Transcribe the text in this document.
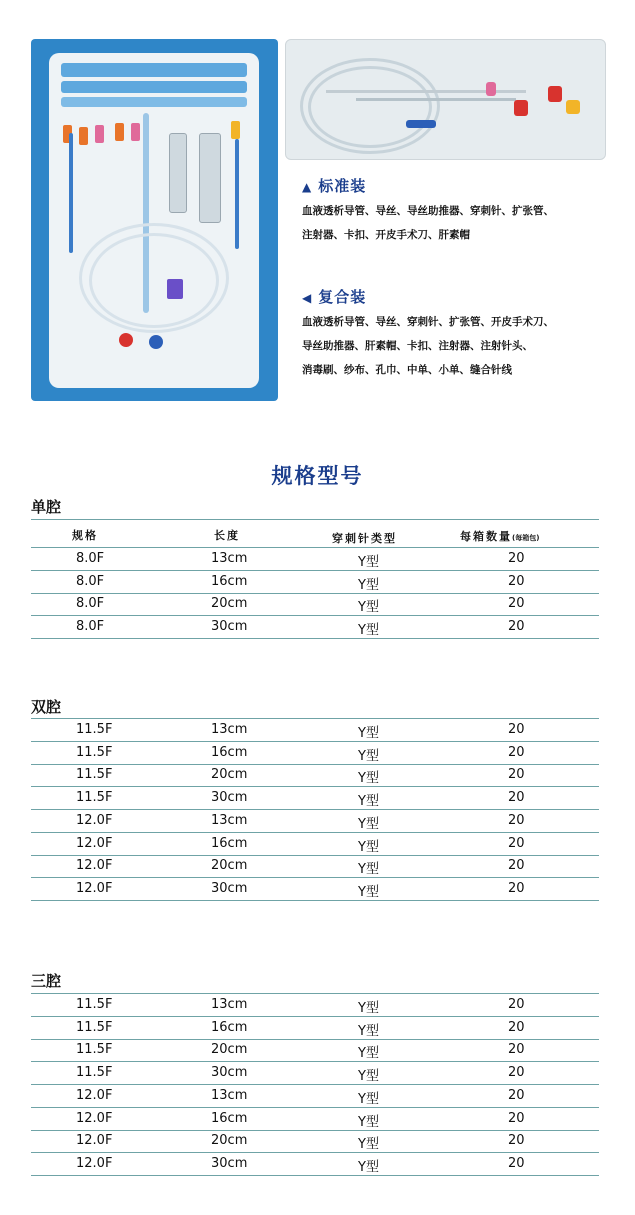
▲ 标准装
血液透析导管、导丝、导丝助推器、穿刺针、扩张管、
注射器、卡扣、开皮手术刀、肝素帽
◀ 复合装
血液透析导管、导丝、穿刺针、扩张管、开皮手术刀、
导丝助推器、肝素帽、卡扣、注射器、注射针头、
消毒刷、纱布、孔巾、中单、小单、缝合针线
规格型号
单腔
规格	长度	穿刺针类型	每箱数量(每箱包)
8.0F	13cm	Y型	20
8.0F	16cm	Y型	20
8.0F	20cm	Y型	20
8.0F	30cm	Y型	20
双腔
11.5F	13cm	Y型	20
11.5F	16cm	Y型	20
11.5F	20cm	Y型	20
11.5F	30cm	Y型	20
12.0F	13cm	Y型	20
12.0F	16cm	Y型	20
12.0F	20cm	Y型	20
12.0F	30cm	Y型	20
三腔
11.5F	13cm	Y型	20
11.5F	16cm	Y型	20
11.5F	20cm	Y型	20
11.5F	30cm	Y型	20
12.0F	13cm	Y型	20
12.0F	16cm	Y型	20
12.0F	20cm	Y型	20
12.0F	30cm	Y型	20
